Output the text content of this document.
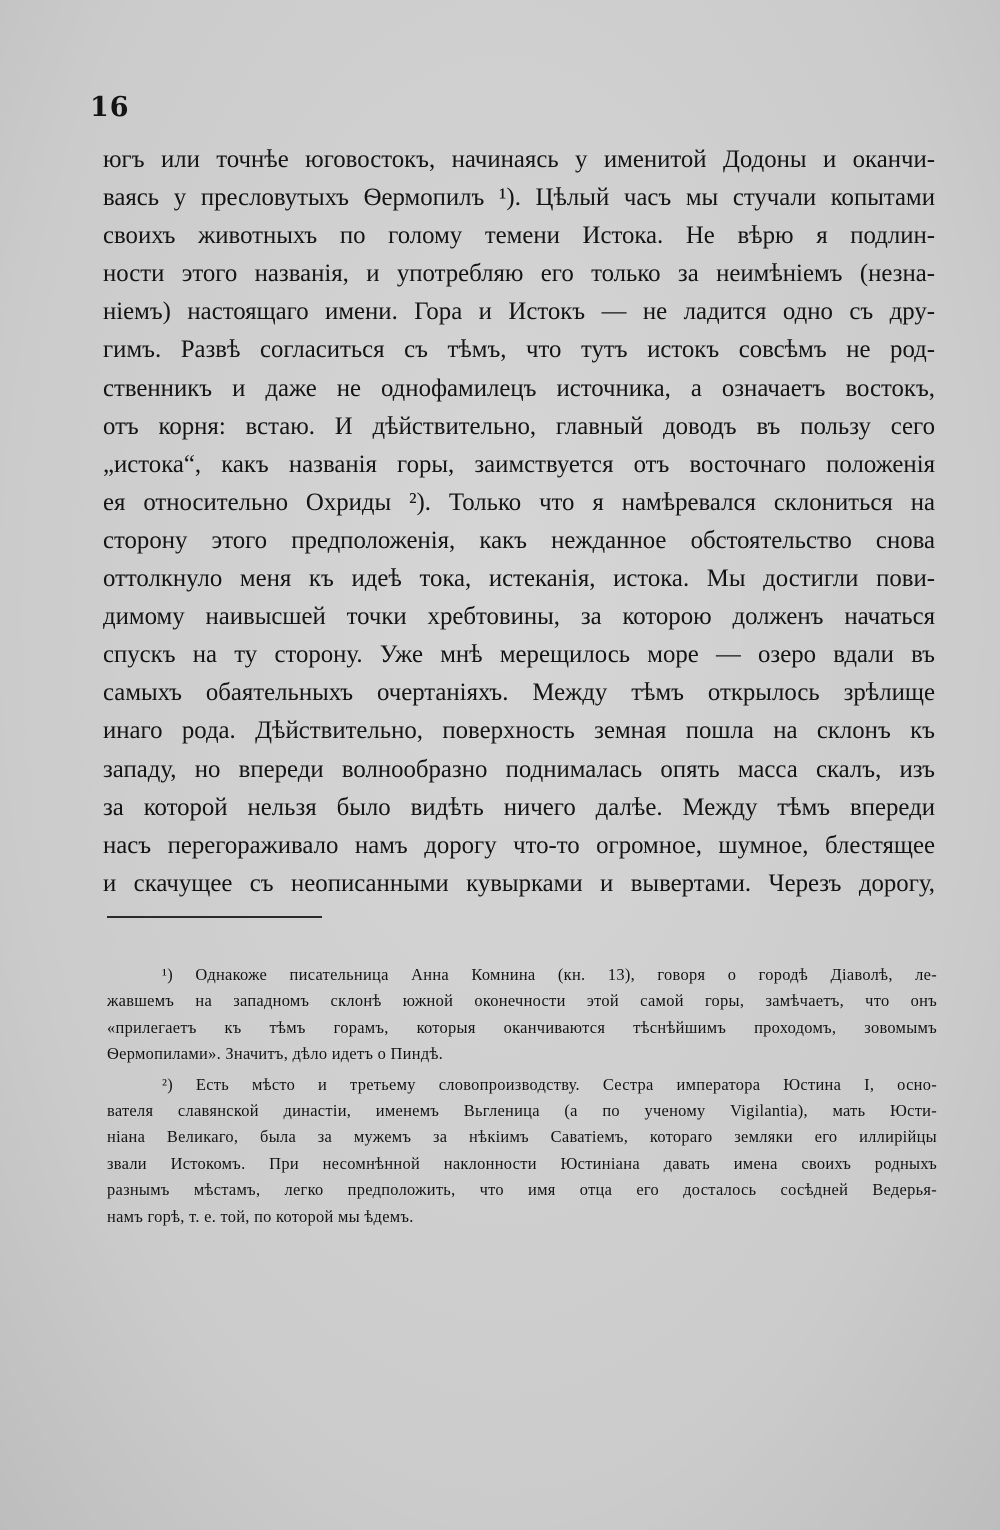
16
югъ или точнѣе юговостокъ, начинаясь у именитой Додоны и оканчи-
ваясь у пресловутыхъ Ѳермопилъ ¹). Цѣлый часъ мы стучали копытами
своихъ животныхъ по голому темени Истока. Не вѣрю я подлин-
ности этого названія, и употребляю его только за неимѣніемъ (незна-
ніемъ) настоящаго имени. Гора и Истокъ — не ладится одно съ дру-
гимъ. Развѣ согласиться съ тѣмъ, что тутъ истокъ совсѣмъ не род-
ственникъ и даже не однофамилецъ источника, а означаетъ востокъ,
отъ корня: встаю. И дѣйствительно, главный доводъ въ пользу сего
„истока“, какъ названія горы, заимствуется отъ восточнаго положенія
ея относительно Охриды ²). Только что я намѣревался склониться на
сторону этого предположенія, какъ нежданное обстоятельство снова
оттолкнуло меня къ идеѣ тока, истеканія, истока. Мы достигли пови-
димому наивысшей точки хребтовины, за которою долженъ начаться
спускъ на ту сторону. Уже мнѣ мерещилось море — озеро вдали въ
самыхъ обаятельныхъ очертаніяхъ. Между тѣмъ открылось зрѣлище
инаго рода. Дѣйствительно, поверхность земная пошла на склонъ къ
западу, но впереди волнообразно поднималась опять масса скалъ, изъ
за которой нельзя было видѣть ничего далѣе. Между тѣмъ впереди
насъ перегораживало намъ дорогу что-то огромное, шумное, блестящее
и скачущее съ неописанными кувырками и вывертами. Черезъ дорогу,
¹) Однакоже писательница Анна Комнина (кн. 13), говоря о городѣ Діаволѣ, ле-
жавшемъ на западномъ склонѣ южной оконечности этой самой горы, замѣчаетъ, что онъ
«прилегаетъ къ тѣмъ горамъ, которыя оканчиваются тѣснѣйшимъ проходомъ, зовомымъ
Ѳермопилами». Значитъ, дѣло идетъ о Пиндѣ.
²) Есть мѣсто и третьему словопроизводству. Сестра императора Юстина I, осно-
вателя славянской династіи, именемъ Вьгленица (а по ученому Vigilantia), мать Юсти-
ніана Великаго, была за мужемъ за нѣкіимъ Саватіемъ, котораго земляки его иллирійцы
звали Истокомъ. При несомнѣнной наклонности Юстиніана давать имена своихъ родныхъ
разнымъ мѣстамъ, легко предположить, что имя отца его досталось сосѣдней Ведерья-
намъ горѣ, т. е. той, по которой мы ѣдемъ.
